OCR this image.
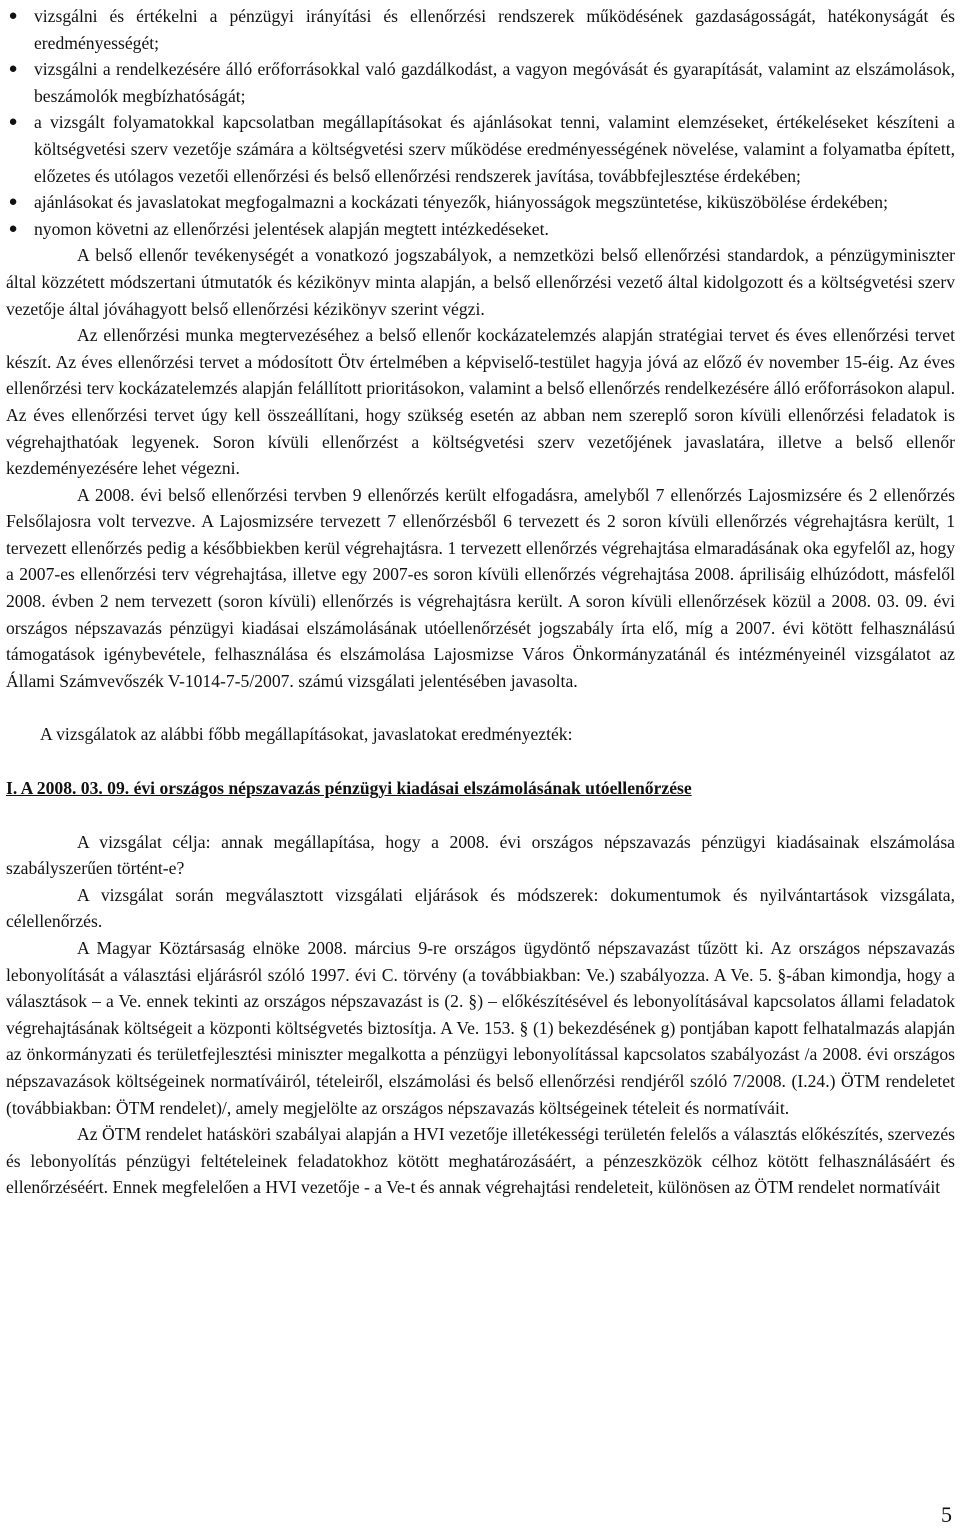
● vizsgálni és értékelni a pénzügyi irányítási és ellenőrzési rendszerek működésének gazdaságosságát, hatékonyságát és eredményességét;
● vizsgálni a rendelkezésére álló erőforrásokkal való gazdálkodást, a vagyon megóvását és gyarapítását, valamint az elszámolások, beszámolók megbízhatóságát;
● a vizsgált folyamatokkal kapcsolatban megállapításokat és ajánlásokat tenni, valamint elemzéseket, értékeléseket készíteni a költségvetési szerv vezetője számára a költségvetési szerv működése eredményességének növelése, valamint a folyamatba épített, előzetes és utólagos vezetői ellenőrzési és belső ellenőrzési rendszerek javítása, továbbfejlesztése érdekében;
● ajánlásokat és javaslatokat megfogalmazni a kockázati tényezők, hiányosságok megszüntetése, kiküszöbölése érdekében;
● nyomon követni az ellenőrzési jelentések alapján megtett intézkedéseket.

A belső ellenőr tevékenységét a vonatkozó jogszabályok, a nemzetközi belső ellenőrzési standardok, a pénzügyminiszter által közzétett módszertani útmutatók és kézikönyv minta alapján, a belső ellenőrzési vezető által kidolgozott és a költségvetési szerv vezetője által jóváhagyott belső ellenőrzési kézikönyv szerint végzi.

Az ellenőrzési munka megtervezéséhez a belső ellenőr kockázatelemzés alapján stratégiai tervet és éves ellenőrzési tervet készít. Az éves ellenőrzési tervet a módosított Ötv értelmében a képviselő-testület hagyja jóvá az előző év november 15-éig. Az éves ellenőrzési terv kockázatelemzés alapján felállított prioritásokon, valamint a belső ellenőrzés rendelkezésére álló erőforrásokon alapul. Az éves ellenőrzési tervet úgy kell összeállítani, hogy szükség esetén az abban nem szereplő soron kívüli ellenőrzési feladatok is végrehajthatóak legyenek. Soron kívüli ellenőrzést a költségvetési szerv vezetőjének javaslatára, illetve a belső ellenőr kezdeményezésére lehet végezni.

A 2008. évi belső ellenőrzési tervben 9 ellenőrzés került elfogadásra, amelyből 7 ellenőrzés Lajosmizsére és 2 ellenőrzés Felsőlajosra volt tervezve. A Lajosmizsére tervezett 7 ellenőrzésből 6 tervezett és 2 soron kívüli ellenőrzés végrehajtásra került, 1 tervezett ellenőrzés pedig a későbbiekben kerül végrehajtásra. 1 tervezett ellenőrzés végrehajtása elmaradásának oka egyfelől az, hogy a 2007-es ellenőrzési terv végrehajtása, illetve egy 2007-es soron kívüli ellenőrzés végrehajtása 2008. áprilisáig elhúzódott, másfelől 2008. évben 2 nem tervezett (soron kívüli) ellenőrzés is végrehajtásra került. A soron kívüli ellenőrzések közül a 2008. 03. 09. évi országos népszavazás pénzügyi kiadásai elszámolásának utóellenőrzését jogszabály írta elő, míg a 2007. évi kötött felhasználású támogatások igénybevétele, felhasználása és elszámolása Lajosmizse Város Önkormányzatánál és intézményeinél vizsgálatot az Állami Számvevőszék V-1014-7-5/2007. számú vizsgálati jelentésében javasolta.

A vizsgálatok az alábbi főbb megállapításokat, javaslatokat eredményezték:

I. A 2008. 03. 09. évi országos népszavazás pénzügyi kiadásai elszámolásának utóellenőrzése

A vizsgálat célja: annak megállapítása, hogy a 2008. évi országos népszavazás pénzügyi kiadásainak elszámolása szabályszerűen történt-e?

A vizsgálat során megválasztott vizsgálati eljárások és módszerek: dokumentumok és nyilvántartások vizsgálata, célellenőrzés.

A Magyar Köztársaság elnöke 2008. március 9-re országos ügydöntő népszavazást tűzött ki. Az országos népszavazás lebonyolítását a választási eljárásról szóló 1997. évi C. törvény (a továbbiakban: Ve.) szabályozza. A Ve. 5. §-ában kimondja, hogy a választások – a Ve. ennek tekinti az országos népszavazást is (2. §) – előkészítésével és lebonyolításával kapcsolatos állami feladatok végrehajtásának költségeit a központi költségvetés biztosítja. A Ve. 153. § (1) bekezdésének g) pontjában kapott felhatalmazás alapján az önkormányzati és területfejlesztési miniszter megalkotta a pénzügyi lebonyolítással kapcsolatos szabályozást /a 2008. évi országos népszavazások költségeinek normatíváiról, tételeiről, elszámolási és belső ellenőrzési rendjéről szóló 7/2008. (I.24.) ÖTM rendeletet (továbbiakban: ÖTM rendelet)/, amely megjelölte az országos népszavazás költségeinek tételeit és normatíváit.

Az ÖTM rendelet hatásköri szabályai alapján a HVI vezetője illetékességi területén felelős a választás előkészítés, szervezés és lebonyolítás pénzügyi feltételeinek feladatokhoz kötött meghatározásáért, a pénzeszközök célhoz kötött felhasználásáért és ellenőrzéséért. Ennek megfelelően a HVI vezetője - a Ve-t és annak végrehajtási rendeleteit, különösen az ÖTM rendelet normatíváit

5
